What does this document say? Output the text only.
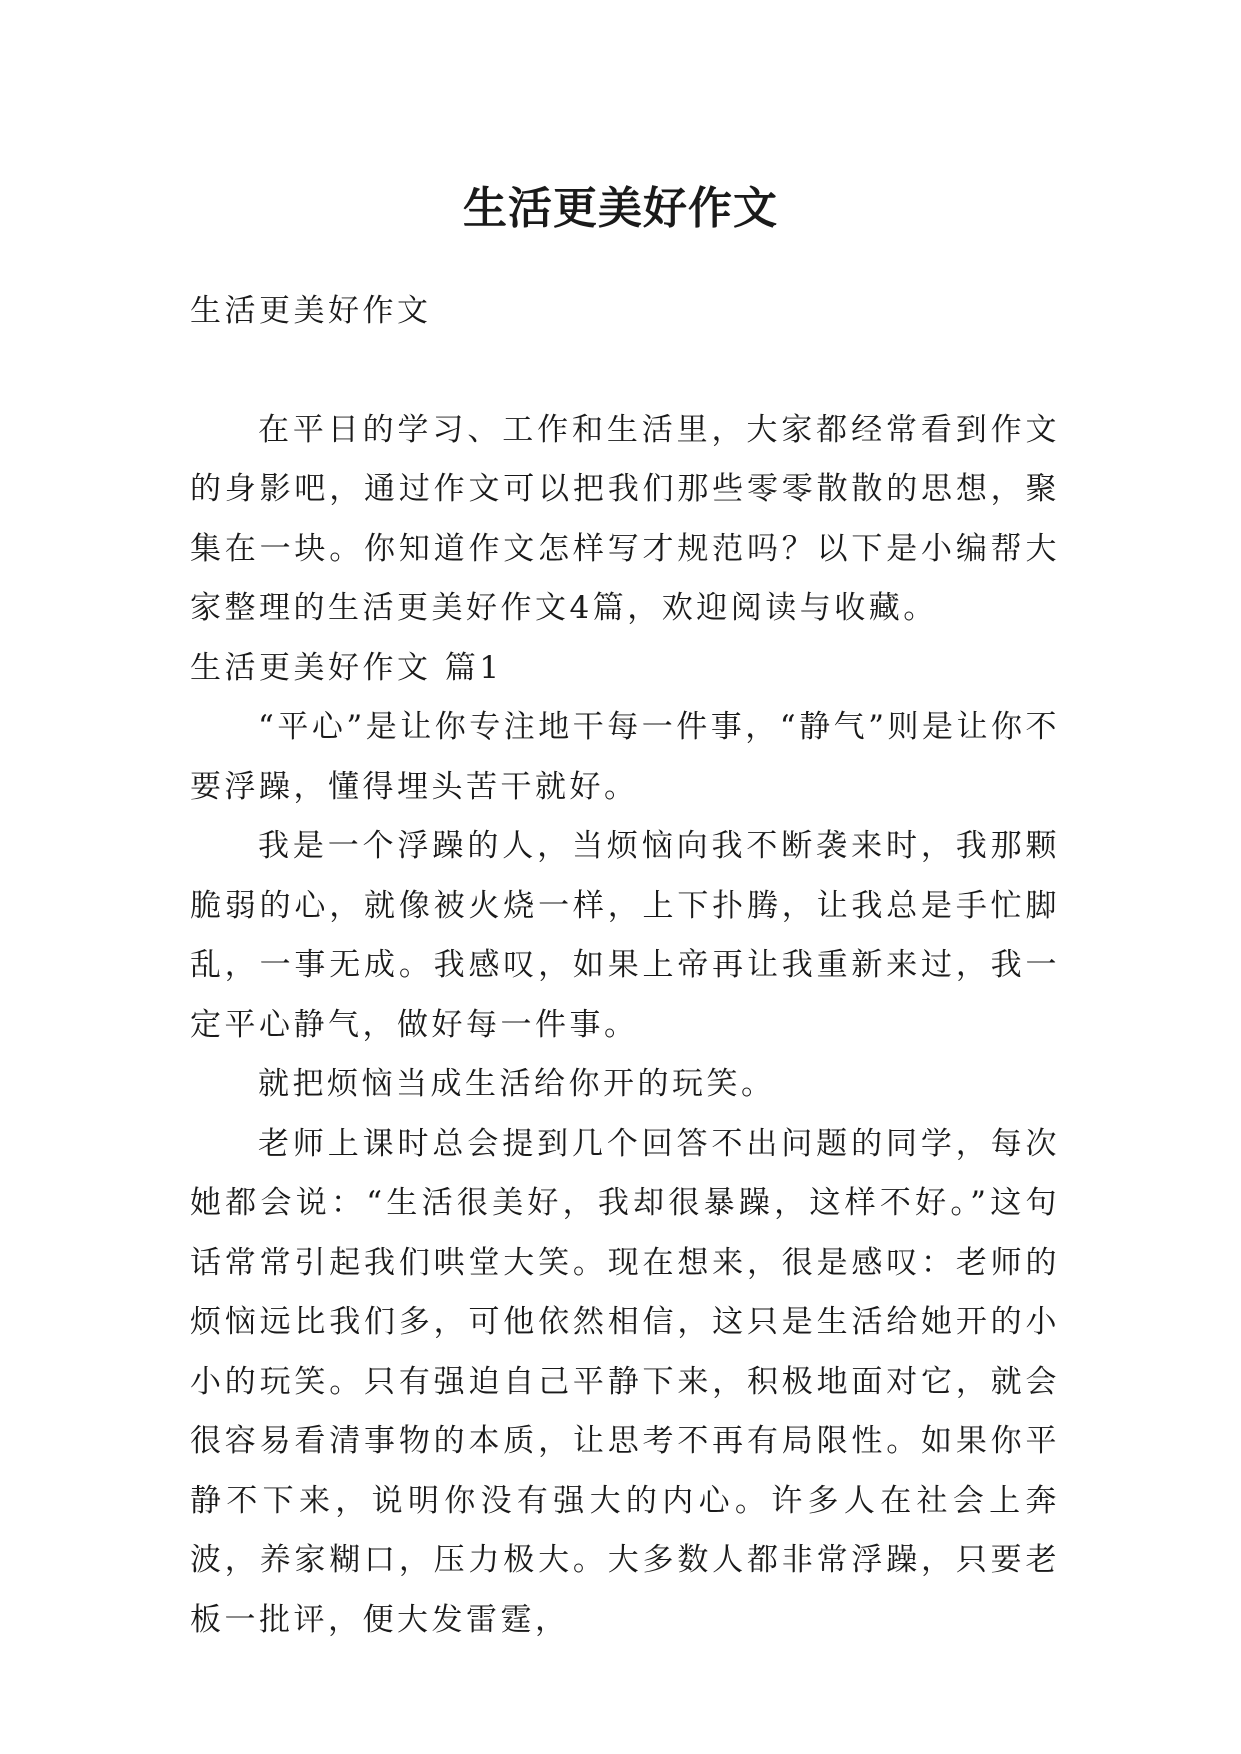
生活更美好作文

生活更美好作文

在平日的学习、工作和生活里，大家都经常看到作文的身影吧，通过作文可以把我们那些零零散散的思想，聚集在一块。你知道作文怎样写才规范吗？以下是小编帮大家整理的生活更美好作文4篇，欢迎阅读与收藏。

生活更美好作文 篇1

“平心”是让你专注地干每一件事，“静气”则是让你不要浮躁，懂得埋头苦干就好。

我是一个浮躁的人，当烦恼向我不断袭来时，我那颗脆弱的心，就像被火烧一样，上下扑腾，让我总是手忙脚乱，一事无成。我感叹，如果上帝再让我重新来过，我一定平心静气，做好每一件事。

就把烦恼当成生活给你开的玩笑。

老师上课时总会提到几个回答不出问题的同学，每次她都会说：“生活很美好，我却很暴躁，这样不好。”这句话常常引起我们哄堂大笑。现在想来，很是感叹：老师的烦恼远比我们多，可他依然相信，这只是生活给她开的小小的玩笑。只有强迫自己平静下来，积极地面对它，就会很容易看清事物的本质，让思考不再有局限性。如果你平静不下来，说明你没有强大的内心。许多人在社会上奔波，养家糊口，压力极大。大多数人都非常浮躁，只要老板一批评，便大发雷霆，
